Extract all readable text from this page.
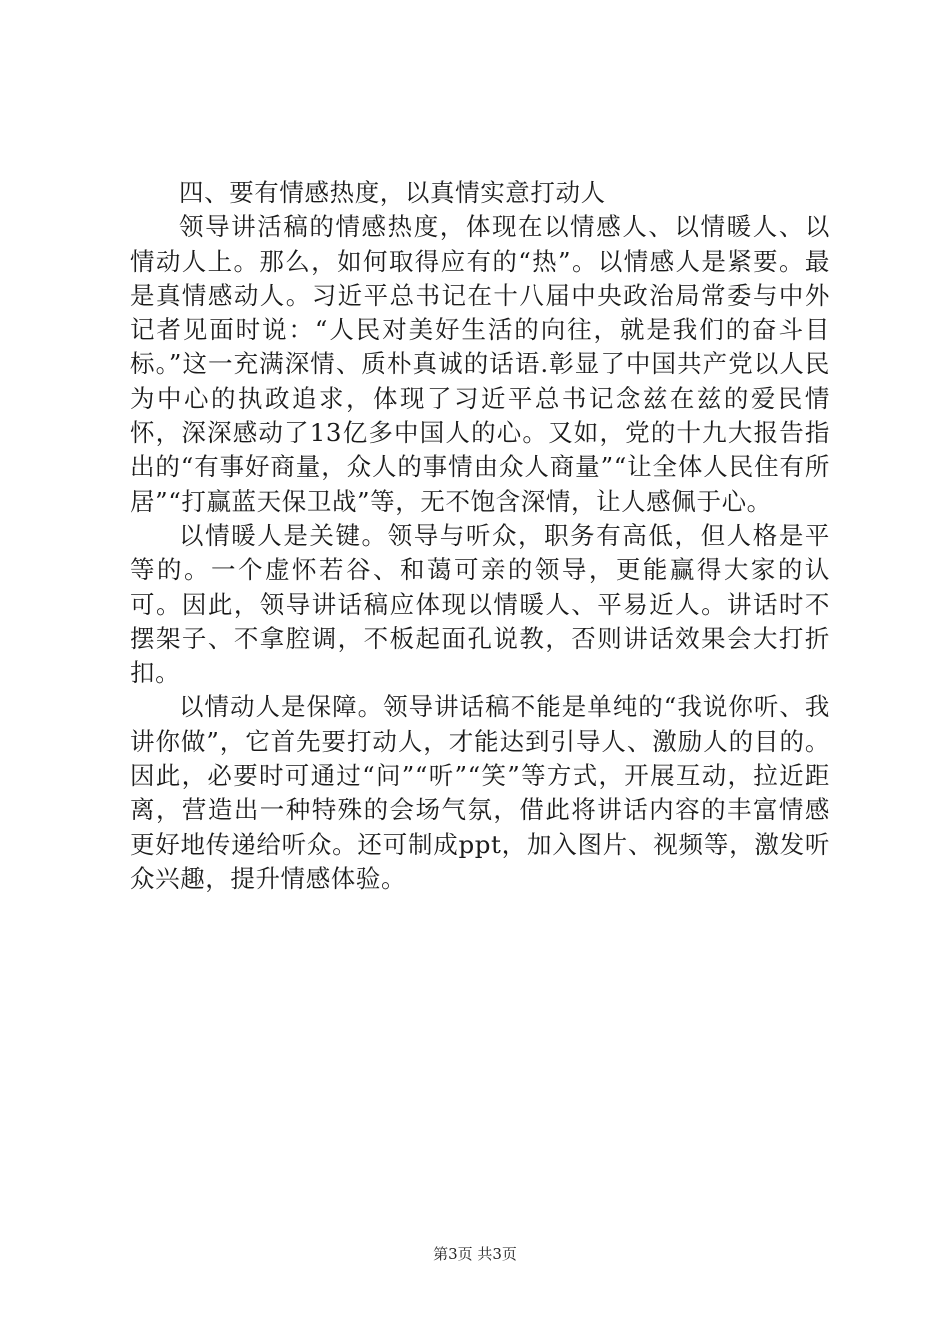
四、要有情感热度，以真情实意打动人

领导讲活稿的情感热度，体现在以情感人、以情暖人、以情动人上。那么，如何取得应有的“热”。以情感人是紧要。最是真情感动人。习近平总书记在十八届中央政治局常委与中外记者见面时说：“人民对美好生活的向往，就是我们的奋斗目标。”这一充满深情、质朴真诚的话语.彰显了中国共产党以人民为中心的执政追求，体现了习近平总书记念兹在兹的爱民情怀，深深感动了13亿多中国人的心。又如，党的十九大报告指出的“有事好商量，众人的事情由众人商量”“让全体人民住有所居”“打赢蓝天保卫战”等，无不饱含深情，让人感佩于心。

以情暖人是关键。领导与听众，职务有高低，但人格是平等的。一个虚怀若谷、和蔼可亲的领导，更能赢得大家的认可。因此，领导讲话稿应体现以情暖人、平易近人。讲话时不摆架子、不拿腔调，不板起面孔说教，否则讲话效果会大打折扣。

以情动人是保障。领导讲话稿不能是单纯的“我说你听、我讲你做”，它首先要打动人，才能达到引导人、激励人的目的。因此，必要时可通过“问”“听”“笑”等方式，开展互动，拉近距离，营造出一种特殊的会场气氛，借此将讲话内容的丰富情感更好地传递给听众。还可制成ppt，加入图片、视频等，激发听众兴趣，提升情感体验。

第3页 共3页
